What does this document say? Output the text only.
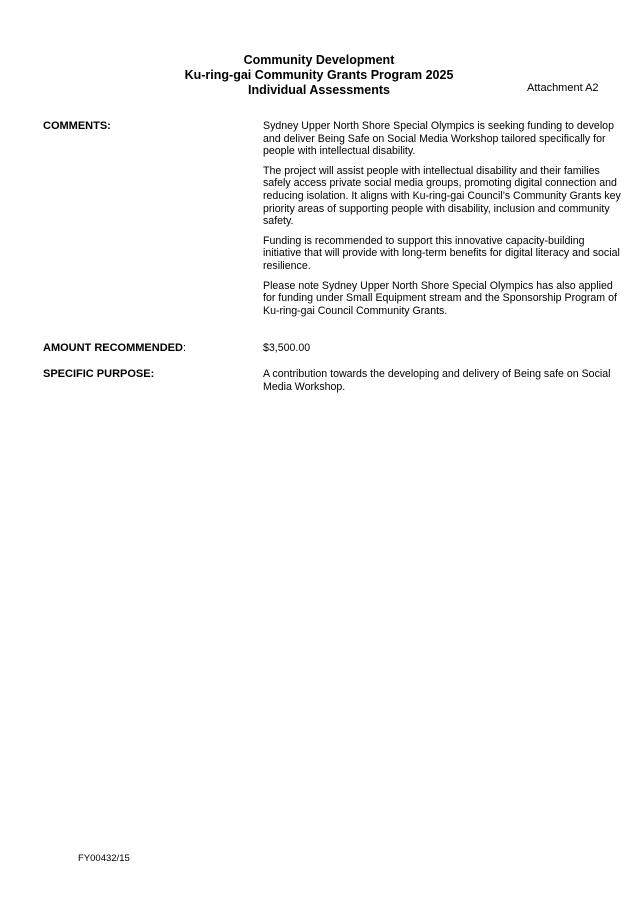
Community Development
Ku-ring-gai Community Grants Program 2025
Individual Assessments	Attachment A2
COMMENTS:	Sydney Upper North Shore Special Olympics is seeking funding to develop and deliver Being Safe on Social Media Workshop tailored specifically for people with intellectual disability.

The project will assist people with intellectual disability and their families safely access private social media groups, promoting digital connection and reducing isolation. It aligns with Ku-ring-gai Council’s Community Grants key priority areas of supporting people with disability, inclusion and community safety.

Funding is recommended to support this innovative capacity-building initiative that will provide with long-term benefits for digital literacy and social resilience.

Please note Sydney Upper North Shore Special Olympics has also applied for funding under Small Equipment stream and the Sponsorship Program of Ku-ring-gai Council Community Grants.

AMOUNT RECOMMENDED:	$3,500.00
SPECIFIC PURPOSE:	A contribution towards the developing and delivery of Being safe on Social Media Workshop.
FY00432/15
